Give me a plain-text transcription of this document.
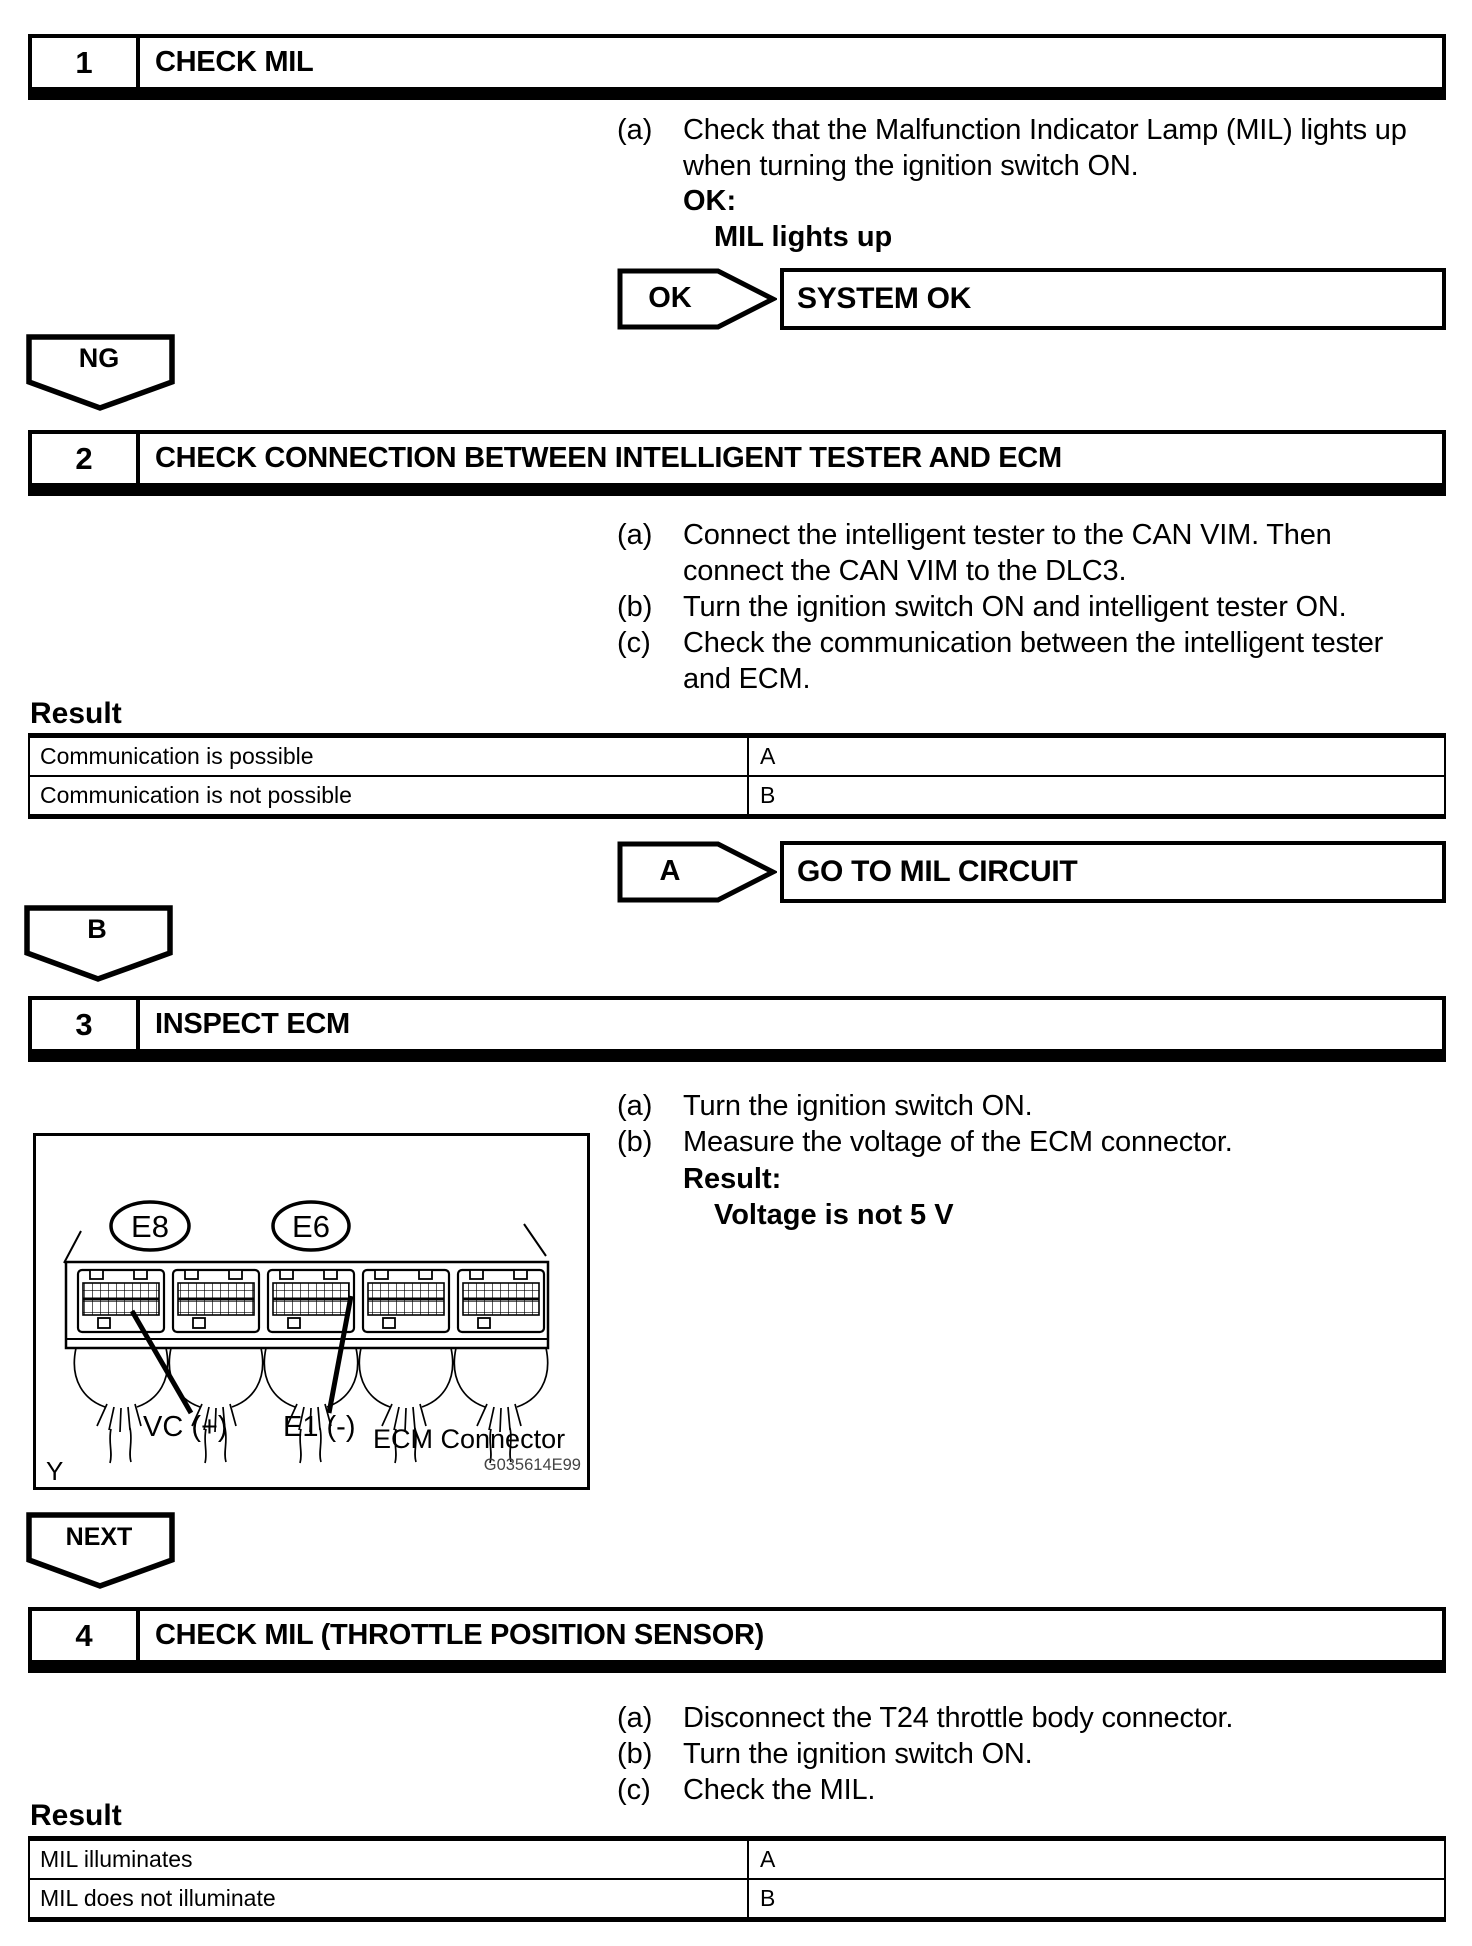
1	CHECK MIL
(a)	Check that the Malfunction Indicator Lamp (MIL) lights up when turning the ignition switch ON.
OK:
MIL lights up
OK	SYSTEM OK
NG
2	CHECK CONNECTION BETWEEN INTELLIGENT TESTER AND ECM
(a)	Connect the intelligent tester to the CAN VIM. Then connect the CAN VIM to the DLC3.
(b)	Turn the ignition switch ON and intelligent tester ON.
(c)	Check the communication between the intelligent tester and ECM.
Result
Communication is possible	A
Communication is not possible	B
A	GO TO MIL CIRCUIT
B
3	INSPECT ECM
(a)	Turn the ignition switch ON.
(b)	Measure the voltage of the ECM connector.
Result:
Voltage is not 5 V
E8	E6
VC (+) E1 (-) ECM Connector
Y	G035614E99
NEXT
4	CHECK MIL (THROTTLE POSITION SENSOR)
(a)	Disconnect the T24 throttle body connector.
(b)	Turn the ignition switch ON.
(c)	Check the MIL.
Result
MIL illuminates	A
MIL does not illuminate	B
